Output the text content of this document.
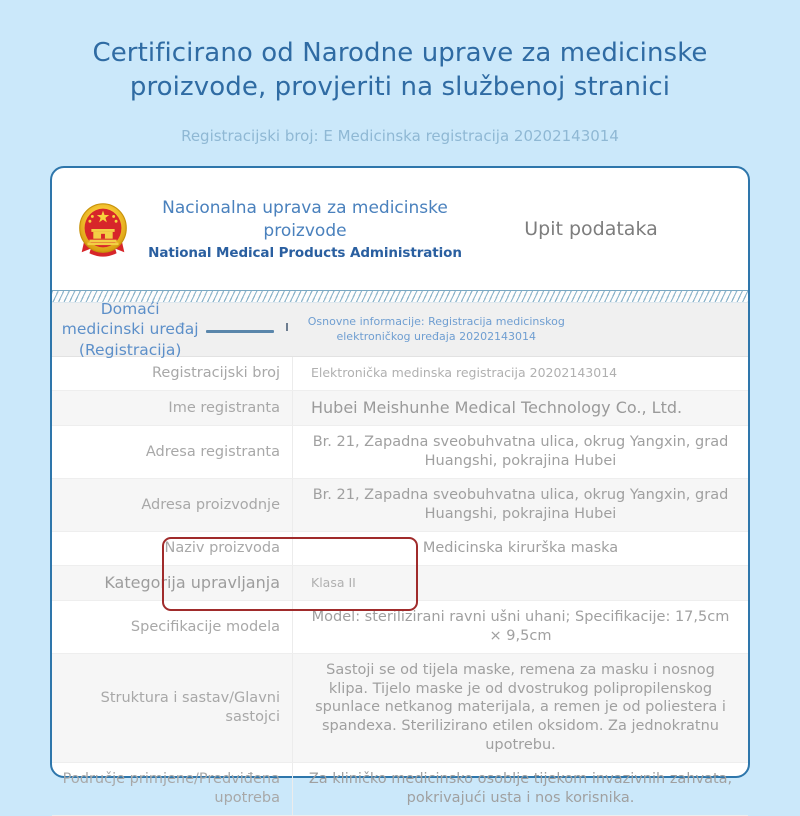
Certificirano od Narodne uprave za medicinske proizvode, provjeriti na službenoj stranici
Registracijski broj: E Medicinska registracija 20202143014
Nacionalna uprava za medicinske proizvode
National Medical Products Administration
Upit podataka
Domaći medicinski uređaj (Registracija)
Osnovne informacije: Registracija medicinskog elektroničkog uređaja 20202143014
Registracijski broj	Elektronička medinska registracija 20202143014
Ime registranta	Hubei Meishunhe Medical Technology Co., Ltd.
Adresa registranta	Br. 21, Zapadna sveobuhvatna ulica, okrug Yangxin, grad Huangshi, pokrajina Hubei
Adresa proizvodnje	Br. 21, Zapadna sveobuhvatna ulica, okrug Yangxin, grad Huangshi, pokrajina Hubei
Naziv proizvoda	Medicinska kirurška maska
Kategorija upravljanja	Klasa II
Specifikacije modela	Model: sterilizirani ravni ušni uhani; Specifikacije: 17,5cm × 9,5cm
Struktura i sastav/Glavni sastojci	Sastoji se od tijela maske, remena za masku i nosnog klipa. Tijelo maske je od dvostrukog polipropilenskog spunlace netkanog materijala, a remen je od poliestera i spandexa. Sterilizirano etilen oksidom. Za jednokratnu upotrebu.
Područje primjene/Predviđena upotreba	Za kliničko medicinsko osoblje tijekom invazivnih zahvata, pokrivajući usta i nos korisnika.
